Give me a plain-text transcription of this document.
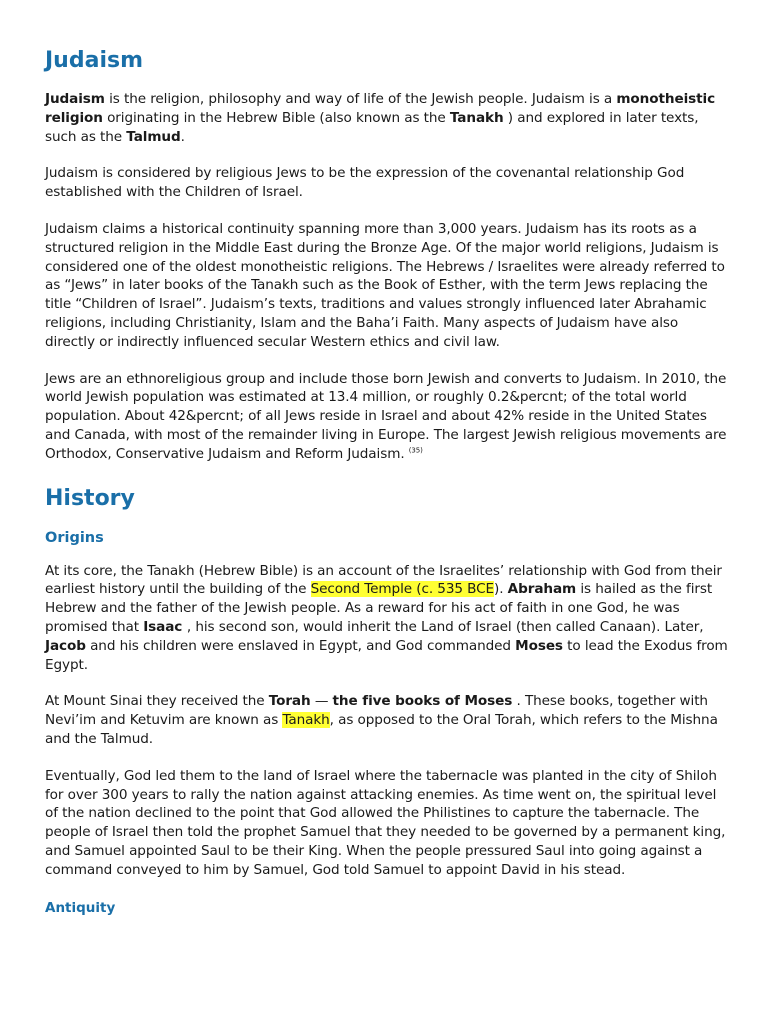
Judaism

Judaism is the religion, philosophy and way of life of the Jewish people. Judaism is a monotheistic religion originating in the Hebrew Bible (also known as the Tanakh ) and explored in later texts, such as the Talmud.

Judaism is considered by religious Jews to be the expression of the covenantal relationship God established with the Children of Israel.

Judaism claims a historical continuity spanning more than 3,000 years. Judaism has its roots as a structured religion in the Middle East during the Bronze Age. Of the major world religions, Judaism is considered one of the oldest monotheistic religions. The Hebrews / Israelites were already referred to as “Jews” in later books of the Tanakh such as the Book of Esther, with the term Jews replacing the title “Children of Israel”. Judaism’s texts, traditions and values strongly influenced later Abrahamic religions, including Christianity, Islam and the Baha’i Faith. Many aspects of Judaism have also directly or indirectly influenced secular Western ethics and civil law.

Jews are an ethnoreligious group and include those born Jewish and converts to Judaism. In 2010, the world Jewish population was estimated at 13.4 million, or roughly 0.2&percnt; of the total world population. About 42&percnt; of all Jews reside in Israel and about 42% reside in the United States and Canada, with most of the remainder living in Europe. The largest Jewish religious movements are Orthodox, Conservative Judaism and Reform Judaism. $^{(35)}$

History
Origins

At its core, the Tanakh (Hebrew Bible) is an account of the Israelites’ relationship with God from their earliest history until the building of the Second Temple (c. 535 BCE). Abraham is hailed as the first Hebrew and the father of the Jewish people. As a reward for his act of faith in one God, he was promised that Isaac , his second son, would inherit the Land of Israel (then called Canaan). Later, Jacob and his children were enslaved in Egypt, and God commanded Moses to lead the Exodus from Egypt.

At Mount Sinai they received the Torah — the five books of Moses . These books, together with Nevi’im and Ketuvim are known as Tanakh, as opposed to the Oral Torah, which refers to the Mishna and the Talmud.

Eventually, God led them to the land of Israel where the tabernacle was planted in the city of Shiloh for over 300 years to rally the nation against attacking enemies. As time went on, the spiritual level of the nation declined to the point that God allowed the Philistines to capture the tabernacle. The people of Israel then told the prophet Samuel that they needed to be governed by a permanent king, and Samuel appointed Saul to be their King. When the people pressured Saul into going against a command conveyed to him by Samuel, God told Samuel to appoint David in his stead.

Antiquity
